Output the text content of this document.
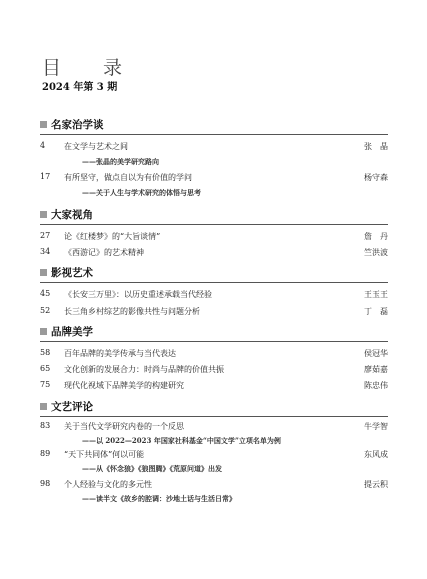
目 录
2024 年第 3 期
名家治学谈
4 在文学与艺术之间	张　晶
——张晶的美学研究路向
17 有所坚守，做点自以为有价值的学问	杨守森
——关于人生与学术研究的体悟与思考
大家视角
27 论《红楼梦》的“大旨谈情”	詹　丹
34 《西游记》的艺术精神	竺洪波
影视艺术
45 《长安三万里》：以历史重述承载当代经验	王玉王
52 长三角乡村综艺的影像共性与问题分析	丁　磊
品牌美学
58 百年品牌的美学传承与当代表达	侯冠华
65 文化创新的发展合力：时尚与品牌的价值共振	廖茹嘉
75 现代化视域下品牌美学的构建研究	陈忠伟
文艺评论
83 关于当代文学研究内卷的一个反思	牛学智
——以 2022—2023 年国家社科基金“中国文学”立项名单为例
89 “天下共同体”何以可能	东风成
——从《怀念狼》《狼图腾》《荒原问道》出发
98 个人经验与文化的多元性	提云积
——读半文《故乡的腔调：沙地土话与生活日常》
